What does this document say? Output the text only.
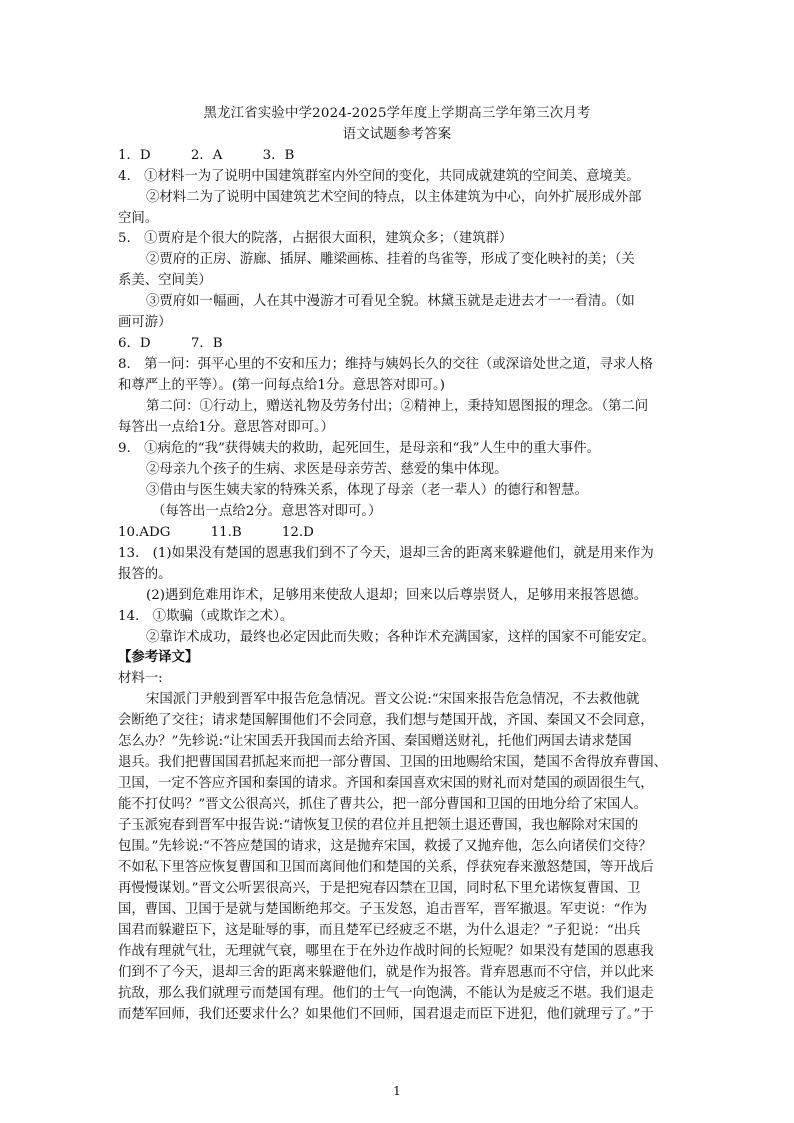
黑龙江省实验中学2024-2025学年度上学期高三学年第三次月考
语文试题参考答案
1．D　　　2．A　　　3．B
4.　①材料一为了说明中国建筑群室内外空间的变化，共同成就建筑的空间美、意境美。
②材料二为了说明中国建筑艺术空间的特点，以主体建筑为中心，向外扩展形成外部
空间。
5.　①贾府是个很大的院落，占据很大面积，建筑众多；（建筑群）
②贾府的正房、游廊、插屏、雕梁画栋、挂着的鸟雀等，形成了变化映衬的美；（关
系美、空间美）
③贾府如一幅画，人在其中漫游才可看见全貌。林黛玉就是走进去才一一看清。（如
画可游）
6．D　　　7．B
8.　第一问：弭平心里的不安和压力；维持与姨妈长久的交往（或深谙处世之道，寻求人格
和尊严上的平等）。(第一问每点给1分。意思答对即可。)
第二问：①行动上，赠送礼物及劳务付出；②精神上，秉持知恩图报的理念。（第二问
每答出一点给1分。意思答对即可。）
9.　①病危的“我”获得姨夫的救助，起死回生，是母亲和“我”人生中的重大事件。
②母亲九个孩子的生病、求医是母亲劳苦、慈爱的集中体现。
③借由与医生姨夫家的特殊关系，体现了母亲（老一辈人）的德行和智慧。
（每答出一点给2分。意思答对即可。）
10.ADG　　　11.B　　　12.D
13.　(1)如果没有楚国的恩惠我们到不了今天，退却三舍的距离来躲避他们，就是用来作为
报答的。
(2)遇到危难用诈术，足够用来使敌人退却；回来以后尊崇贤人，足够用来报答恩德。
14.　①欺骗（或欺诈之术）。
②靠诈术成功，最终也必定因此而失败；各种诈术充满国家，这样的国家不可能安定。
【参考译文】
材料一:
宋国派门尹般到晋军中报告危急情况。晋文公说:“宋国来报告危急情况，不去救他就
会断绝了交往；请求楚国解围他们不会同意，我们想与楚国开战，齐国、秦国又不会同意，
怎么办？”先轸说:“让宋国丢开我国而去给齐国、秦国赠送财礼，托他们两国去请求楚国
退兵。我们把曹国国君抓起来而把一部分曹国、卫国的田地赐给宋国，楚国不舍得放弃曹国、
卫国，一定不答应齐国和秦国的请求。齐国和秦国喜欢宋国的财礼而对楚国的顽固很生气，
能不打仗吗？”晋文公很高兴，抓住了曹共公，把一部分曹国和卫国的田地分给了宋国人。
子玉派宛春到晋军中报告说:“请恢复卫侯的君位并且把领土退还曹国，我也解除对宋国的
包围。”先轸说:“不答应楚国的请求，这是抛弃宋国，救援了又抛弃他，怎么向诸侯们交待？
不如私下里答应恢复曹国和卫国而离间他们和楚国的关系，俘获宛春来激怒楚国，等开战后
再慢慢谋划。”晋文公听罢很高兴，于是把宛春囚禁在卫国，同时私下里允诺恢复曹国、卫
国，曹国、卫国于是就与楚国断绝邦交。子玉发怒，追击晋军，晋军撤退。军吏说：“作为
国君而躲避臣下，这是耻辱的事，而且楚军已经疲乏不堪，为什么退走？”子犯说：“出兵
作战有理就气壮，无理就气衰，哪里在于在外边作战时间的长短呢？如果没有楚国的恩惠我
们到不了今天，退却三舍的距离来躲避他们，就是作为报答。背弃恩惠而不守信，并以此来
抗敌，那么我们就理亏而楚国有理。他们的士气一向饱满，不能认为是疲乏不堪。我们退走
而楚军回师，我们还要求什么？如果他们不回师，国君退走而臣下进犯，他们就理亏了。”于
1
